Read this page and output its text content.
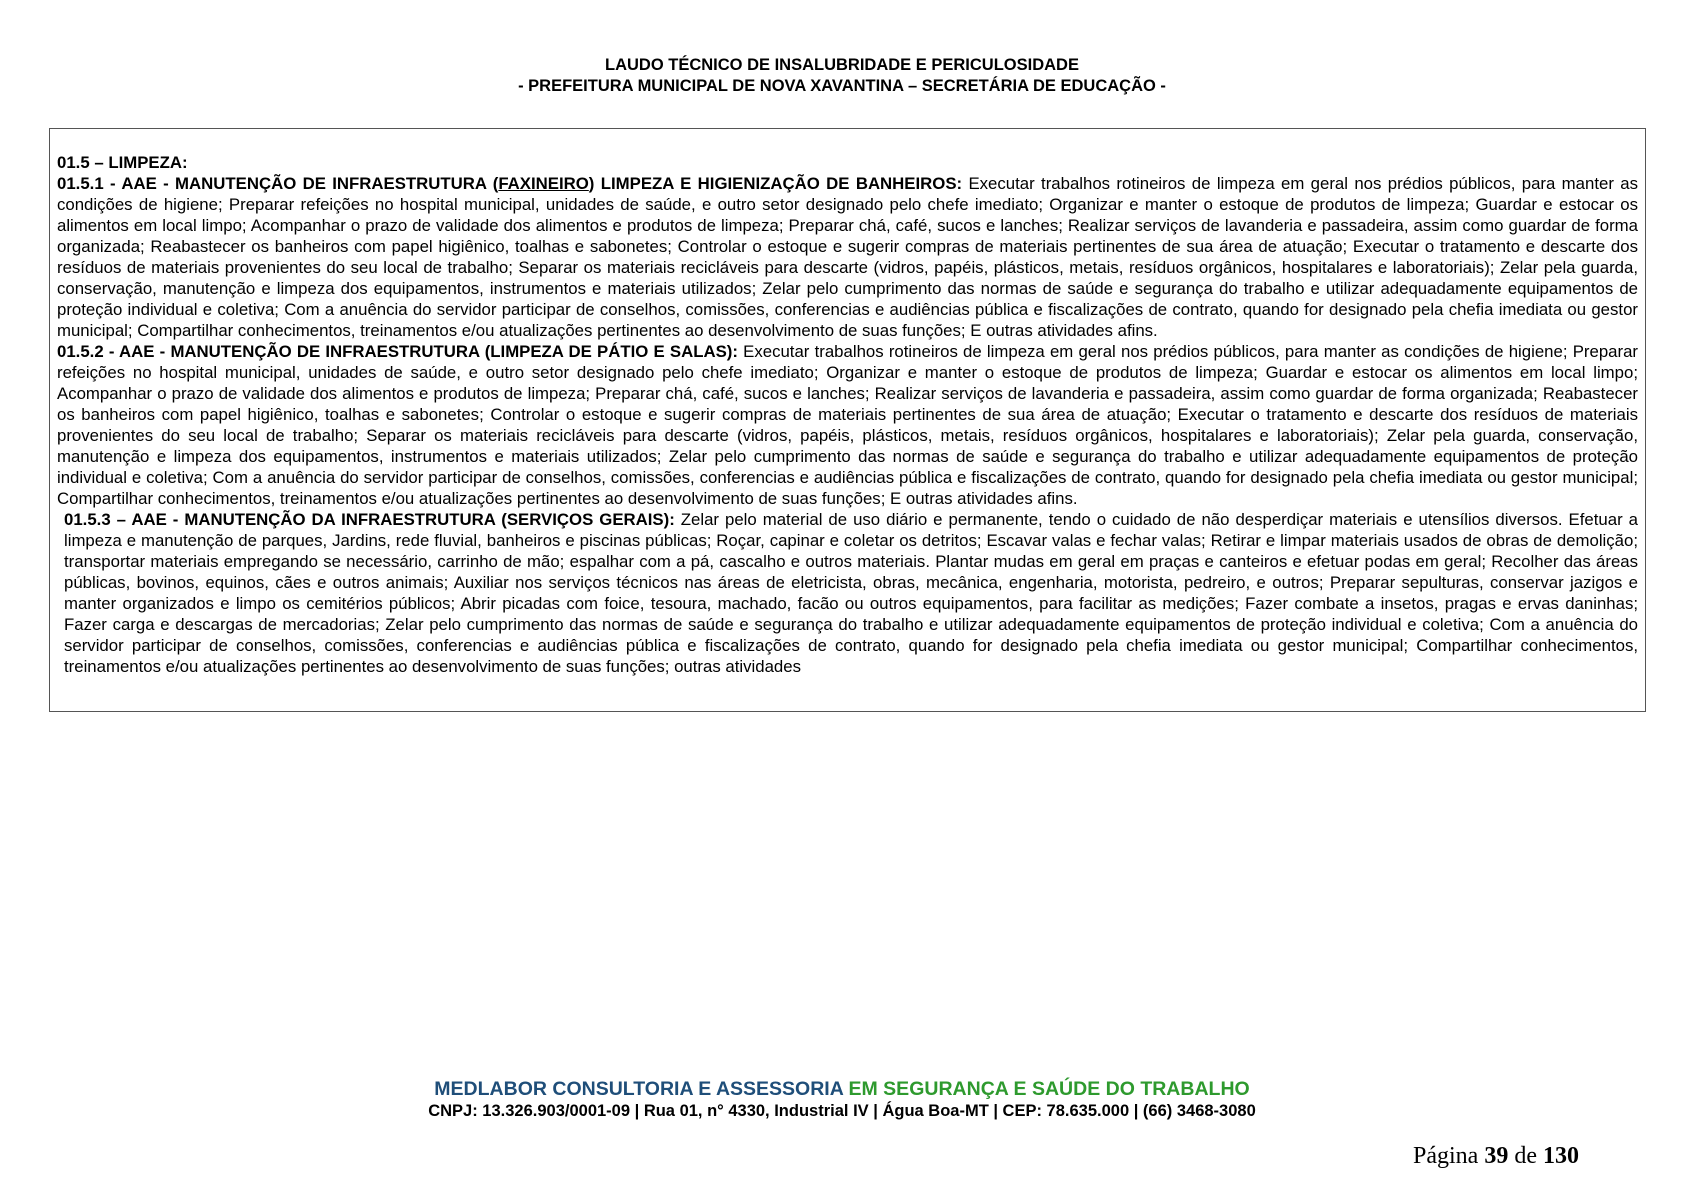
LAUDO TÉCNICO DE INSALUBRIDADE E PERICULOSIDADE
- PREFEITURA MUNICIPAL DE NOVA XAVANTINA – SECRETÁRIA DE EDUCAÇÃO -
01.5 – LIMPEZA:

01.5.1 - AAE - MANUTENÇÃO DE INFRAESTRUTURA (FAXINEIRO) LIMPEZA E HIGIENIZAÇÃO DE BANHEIROS: Executar trabalhos rotineiros de limpeza em geral nos prédios públicos, para manter as condições de higiene; Preparar refeições no hospital municipal, unidades de saúde, e outro setor designado pelo chefe imediato; Organizar e manter o estoque de produtos de limpeza; Guardar e estocar os alimentos em local limpo; Acompanhar o prazo de validade dos alimentos e produtos de limpeza; Preparar chá, café, sucos e lanches; Realizar serviços de lavanderia e passadeira, assim como guardar de forma organizada; Reabastecer os banheiros com papel higiênico, toalhas e sabonetes; Controlar o estoque e sugerir compras de materiais pertinentes de sua área de atuação; Executar o tratamento e descarte dos resíduos de materiais provenientes do seu local de trabalho; Separar os materiais recicláveis para descarte (vidros, papéis, plásticos, metais, resíduos orgânicos, hospitalares e laboratoriais); Zelar pela guarda, conservação, manutenção e limpeza dos equipamentos, instrumentos e materiais utilizados; Zelar pelo cumprimento das normas de saúde e segurança do trabalho e utilizar adequadamente equipamentos de proteção individual e coletiva; Com a anuência do servidor participar de conselhos, comissões, conferencias e audiências pública e fiscalizações de contrato, quando for designado pela chefia imediata ou gestor municipal; Compartilhar conhecimentos, treinamentos e/ou atualizações pertinentes ao desenvolvimento de suas funções; E outras atividades afins.

01.5.2 - AAE - MANUTENÇÃO DE INFRAESTRUTURA (LIMPEZA DE PÁTIO E SALAS): Executar trabalhos rotineiros de limpeza em geral nos prédios públicos, para manter as condições de higiene; Preparar refeições no hospital municipal, unidades de saúde, e outro setor designado pelo chefe imediato; Organizar e manter o estoque de produtos de limpeza; Guardar e estocar os alimentos em local limpo; Acompanhar o prazo de validade dos alimentos e produtos de limpeza; Preparar chá, café, sucos e lanches; Realizar serviços de lavanderia e passadeira, assim como guardar de forma organizada; Reabastecer os banheiros com papel higiênico, toalhas e sabonetes; Controlar o estoque e sugerir compras de materiais pertinentes de sua área de atuação; Executar o tratamento e descarte dos resíduos de materiais provenientes do seu local de trabalho; Separar os materiais recicláveis para descarte (vidros, papéis, plásticos, metais, resíduos orgânicos, hospitalares e laboratoriais); Zelar pela guarda, conservação, manutenção e limpeza dos equipamentos, instrumentos e materiais utilizados; Zelar pelo cumprimento das normas de saúde e segurança do trabalho e utilizar adequadamente equipamentos de proteção individual e coletiva; Com a anuência do servidor participar de conselhos, comissões, conferencias e audiências pública e fiscalizações de contrato, quando for designado pela chefia imediata ou gestor municipal; Compartilhar conhecimentos, treinamentos e/ou atualizações pertinentes ao desenvolvimento de suas funções; E outras atividades afins.

01.5.3 – AAE - MANUTENÇÃO DA INFRAESTRUTURA (SERVIÇOS GERAIS): Zelar pelo material de uso diário e permanente, tendo o cuidado de não desperdiçar materiais e utensílios diversos. Efetuar a limpeza e manutenção de parques, Jardins, rede fluvial, banheiros e piscinas públicas; Roçar, capinar e coletar os detritos; Escavar valas e fechar valas; Retirar e limpar materiais usados de obras de demolição; transportar materiais empregando se necessário, carrinho de mão; espalhar com a pá, cascalho e outros materiais. Plantar mudas em geral em praças e canteiros e efetuar podas em geral; Recolher das áreas públicas, bovinos, equinos, cães e outros animais; Auxiliar nos serviços técnicos nas áreas de eletricista, obras, mecânica, engenharia, motorista, pedreiro, e outros; Preparar sepulturas, conservar jazigos e manter organizados e limpo os cemitérios públicos; Abrir picadas com foice, tesoura, machado, facão ou outros equipamentos, para facilitar as medições; Fazer combate a insetos, pragas e ervas daninhas; Fazer carga e descargas de mercadorias; Zelar pelo cumprimento das normas de saúde e segurança do trabalho e utilizar adequadamente equipamentos de proteção individual e coletiva; Com a anuência do servidor participar de conselhos, comissões, conferencias e audiências pública e fiscalizações de contrato, quando for designado pela chefia imediata ou gestor municipal; Compartilhar conhecimentos, treinamentos e/ou atualizações pertinentes ao desenvolvimento de suas funções; outras atividades

MEDLABOR CONSULTORIA E ASSESSORIA EM SEGURANÇA E SAÚDE DO TRABALHO
CNPJ: 13.326.903/0001-09 | Rua 01, n° 4330, Industrial IV | Água Boa-MT | CEP: 78.635.000 | (66) 3468-3080
Página 39 de 130
